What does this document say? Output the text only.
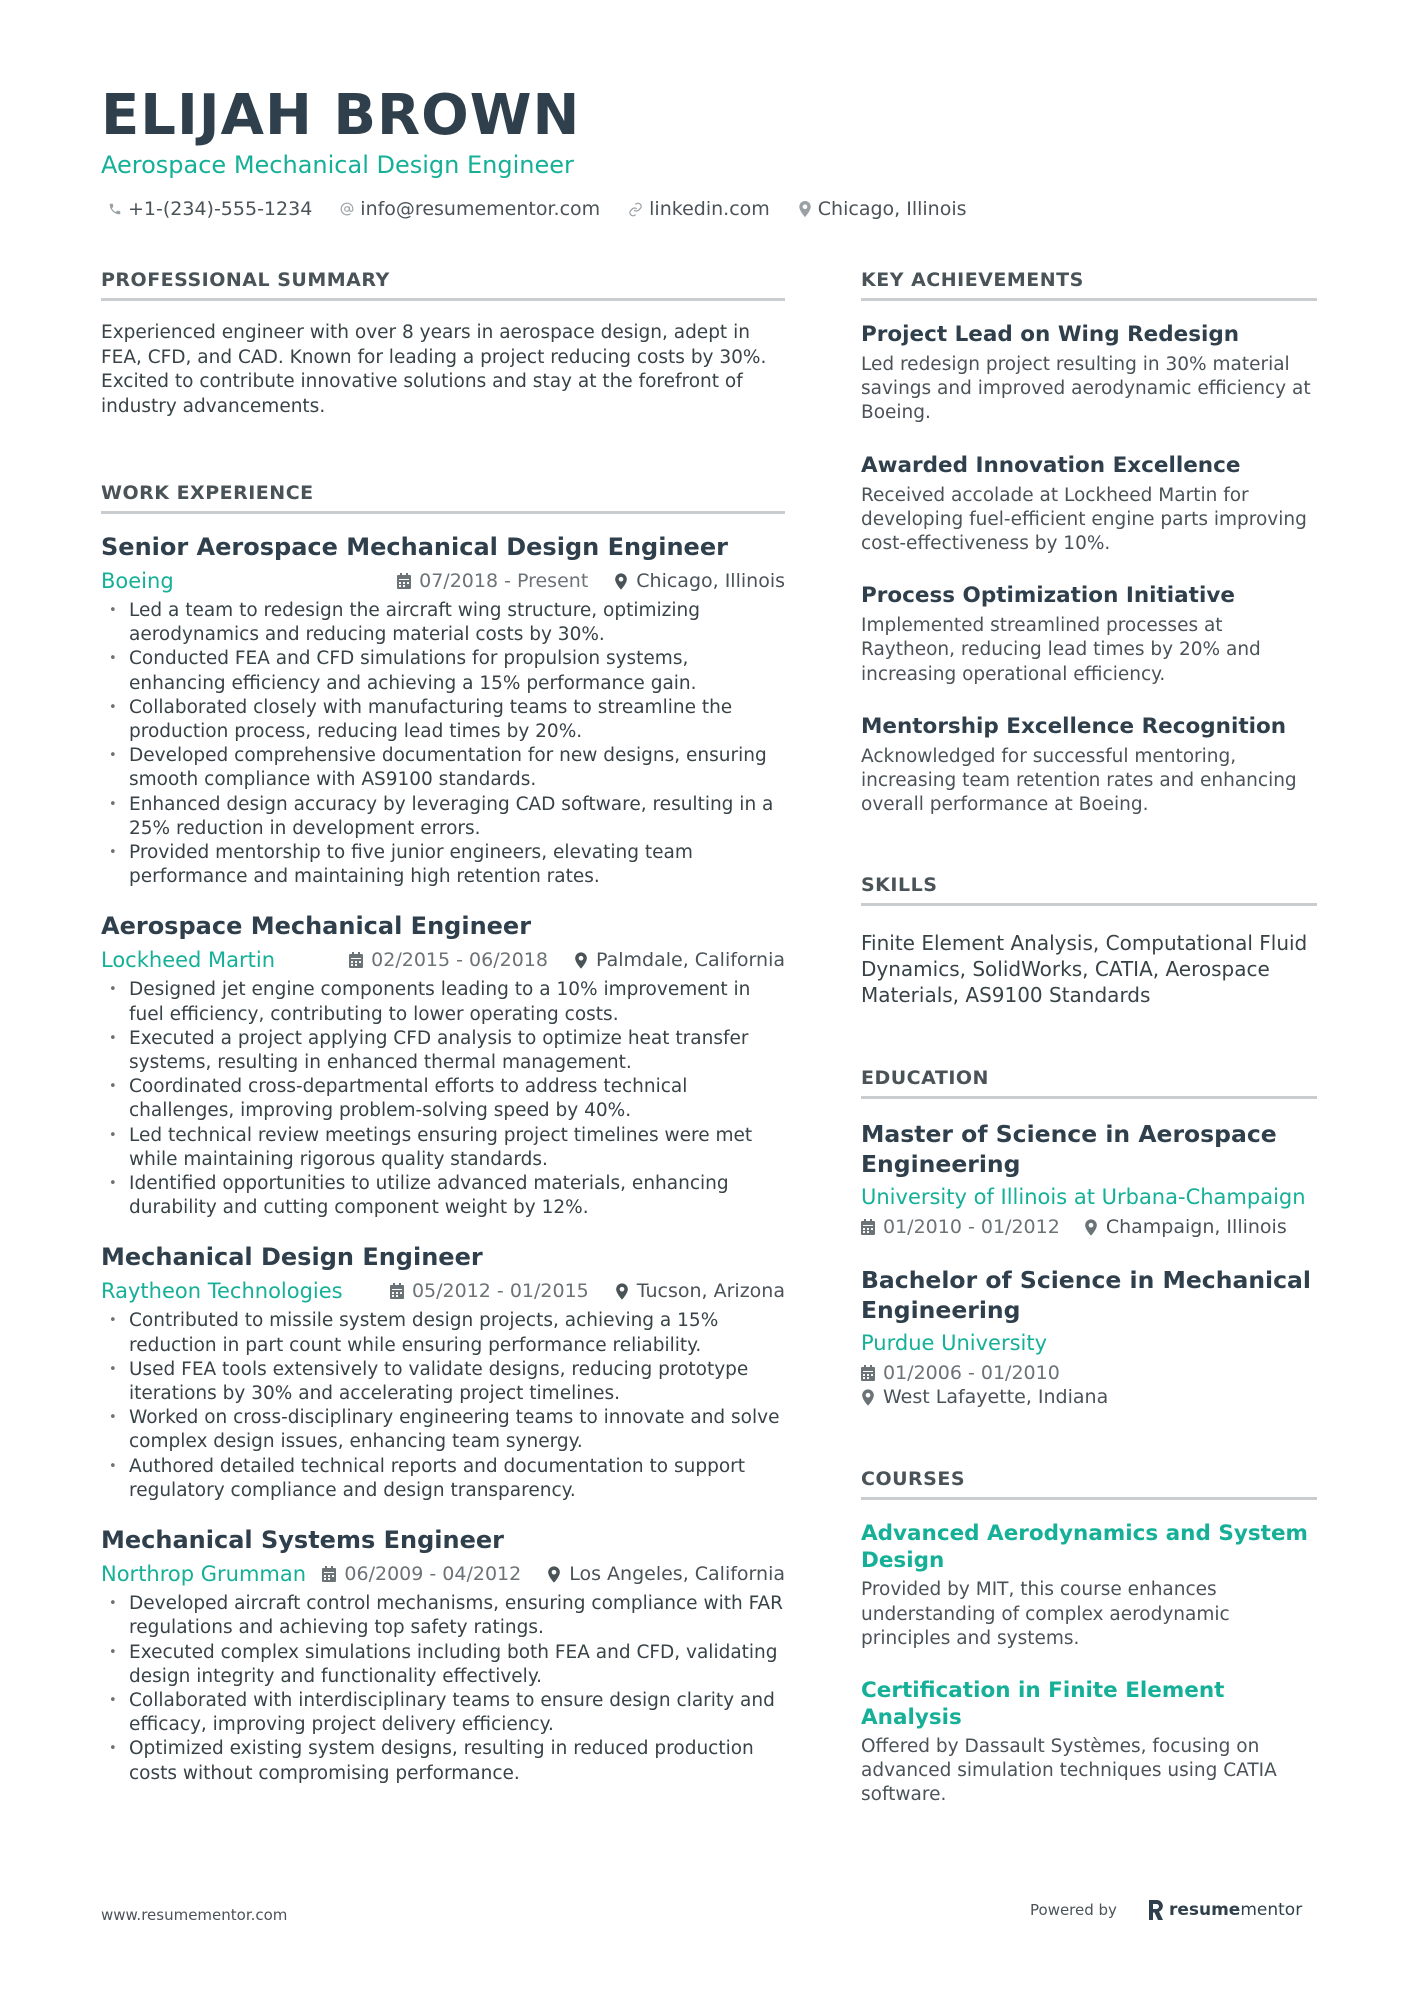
ELIJAH BROWN
Aerospace Mechanical Design Engineer
+1-(234)-555-1234	info@resumementor.com	linkedin.com	Chicago, Illinois
PROFESSIONAL SUMMARY
Experienced engineer with over 8 years in aerospace design, adept in FEA, CFD, and CAD. Known for leading a project reducing costs by 30%. Excited to contribute innovative solutions and stay at the forefront of industry advancements.
WORK EXPERIENCE
Senior Aerospace Mechanical Design Engineer
Boeing	07/2018 - Present	Chicago, Illinois
• Led a team to redesign the aircraft wing structure, optimizing aerodynamics and reducing material costs by 30%.
• Conducted FEA and CFD simulations for propulsion systems, enhancing efficiency and achieving a 15% performance gain.
• Collaborated closely with manufacturing teams to streamline the production process, reducing lead times by 20%.
• Developed comprehensive documentation for new designs, ensuring smooth compliance with AS9100 standards.
• Enhanced design accuracy by leveraging CAD software, resulting in a 25% reduction in development errors.
• Provided mentorship to five junior engineers, elevating team performance and maintaining high retention rates.
Aerospace Mechanical Engineer
Lockheed Martin	02/2015 - 06/2018	Palmdale, California
• Designed jet engine components leading to a 10% improvement in fuel efficiency, contributing to lower operating costs.
• Executed a project applying CFD analysis to optimize heat transfer systems, resulting in enhanced thermal management.
• Coordinated cross-departmental efforts to address technical challenges, improving problem-solving speed by 40%.
• Led technical review meetings ensuring project timelines were met while maintaining rigorous quality standards.
• Identified opportunities to utilize advanced materials, enhancing durability and cutting component weight by 12%.
Mechanical Design Engineer
Raytheon Technologies	05/2012 - 01/2015	Tucson, Arizona
• Contributed to missile system design projects, achieving a 15% reduction in part count while ensuring performance reliability.
• Used FEA tools extensively to validate designs, reducing prototype iterations by 30% and accelerating project timelines.
• Worked on cross-disciplinary engineering teams to innovate and solve complex design issues, enhancing team synergy.
• Authored detailed technical reports and documentation to support regulatory compliance and design transparency.
Mechanical Systems Engineer
Northrop Grumman 06/2009 - 04/2012	Los Angeles, California
• Developed aircraft control mechanisms, ensuring compliance with FAR regulations and achieving top safety ratings.
• Executed complex simulations including both FEA and CFD, validating design integrity and functionality effectively.
• Collaborated with interdisciplinary teams to ensure design clarity and efficacy, improving project delivery efficiency.
• Optimized existing system designs, resulting in reduced production costs without compromising performance.
KEY ACHIEVEMENTS
Project Lead on Wing Redesign
Led redesign project resulting in 30% material savings and improved aerodynamic efficiency at Boeing.
Awarded Innovation Excellence
Received accolade at Lockheed Martin for developing fuel-efficient engine parts improving cost-effectiveness by 10%.
Process Optimization Initiative
Implemented streamlined processes at Raytheon, reducing lead times by 20% and increasing operational efficiency.
Mentorship Excellence Recognition
Acknowledged for successful mentoring, increasing team retention rates and enhancing overall performance at Boeing.
SKILLS
Finite Element Analysis, Computational Fluid Dynamics, SolidWorks, CATIA, Aerospace Materials, AS9100 Standards
EDUCATION
Master of Science in Aerospace Engineering
University of Illinois at Urbana-Champaign
01/2010 - 01/2012 Champaign, Illinois
Bachelor of Science in Mechanical Engineering
Purdue University
01/2006 - 01/2010
West Lafayette, Indiana
COURSES
Advanced Aerodynamics and System Design
Provided by MIT, this course enhances understanding of complex aerodynamic principles and systems.
Certification in Finite Element Analysis
Offered by Dassault Systèmes, focusing on advanced simulation techniques using CATIA software.
www.resumementor.com	Powered by	resume mentor
